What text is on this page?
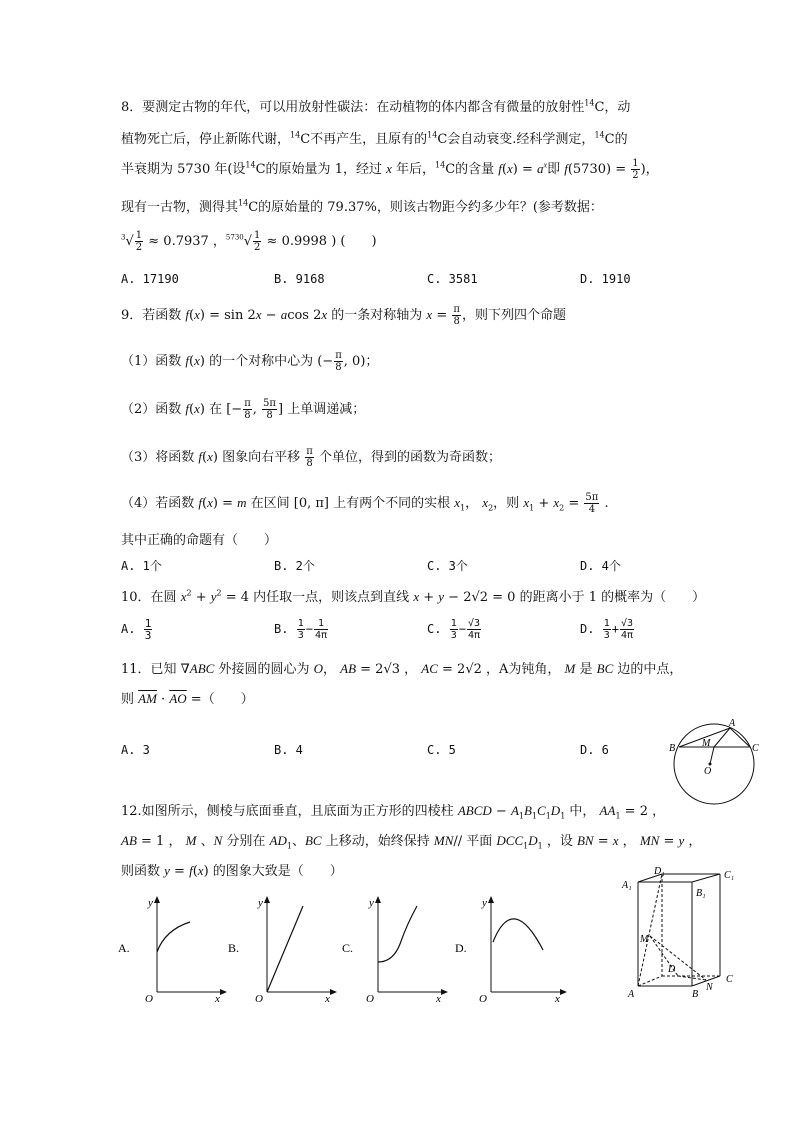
8．要测定古物的年代，可以用放射性碳法：在动植物的体内都含有微量的放射性$^{14}$C，动
植物死亡后，停止新陈代谢，$^{14}$C不再产生，且原有的$^{14}$C会自动衰变.经科学测定，$^{14}$C的
半衰期为 5730 年(设$^{14}$C的原始量为 1，经过 x 年后，$^{14}$C的含量 $f(x) = a^x$即 $f(5730) = \frac{1}{2}$ )，
现有一古物，测得其$^{14}$C的原始量的 79.37%，则该古物距今约多少年？(参考数据：
$^3√ \frac{1}{2} \approx 0.7937$ ，$^{5730}√ \frac{1}{2} \approx 0.9998$ ) (　　)
A. 17190	B. 9168	C. 3581	D. 1910
9．若函数 f(x) = sin 2x − acos 2x 的一条对称轴为 $x = \frac{\pi}{8}$ ，则下列四个命题
（1）函数 f(x) 的一个对称中心为 (− $\frac{\pi}{8}$ , 0)；
（2）函数 f(x) 在 [− $\frac{\pi}{8}$ , $\frac{5\pi}{8}$ ] 上单调递减；
（3）将函数 f(x) 图象向右平移 $\frac{\pi}{8}$ 个单位，得到的函数为奇函数；
（4）若函数 f(x) = m 在区间 [0, π] 上有两个不同的实根 $x_1$， $x_2$，则 $x_1 + x_2 = \frac{5\pi}{4}$ .
其中正确的命题有（　　）
A. 1个	B. 2个	C. 3个	D. 4个
10．在圆 $x^2 + y^2 = 4$ 内任取一点，则该点到直线 x + y − 2√2 = 0 的距离小于 1 的概率为（　　）
A. $\frac{1}{3}$	B. $\frac{1}{3} - \frac{1}{4\pi}$	C. $\frac{1}{3} - \frac{√3}{4\pi}$	D. $\frac{1}{3} + \frac{√3}{4\pi}$
11．已知 ∇ABC 外接圆的圆心为 O， AB = 2√3 ， AC = 2√2 ，A为钝角， M 是 BC 边的中点，
则 $\overline{AM} \cdot \overline{AO}$ =（　　）
A. 3	B. 4	C. 5	D. 6
A
B	M	C
O
12.如图所示，侧棱与底面垂直，且底面为正方形的四棱柱 ABCD − $A_1B_1C_1D_1$ 中， $AA_1 = 2$ ，
AB = 1 ， M 、N 分别在 $AD_1$、BC 上移动，始终保持 MN// 平面 $DCC_1D_1$ ，设 BN = x ， MN = y ，
则函数 y = f(x) 的图象大致是（　　）
A.
y
x
O
B.
y
x
O
C.
y
x
O
D.
y
x
O
A₁
D₁	C₁
B₁
M
D
A	B
N
C
